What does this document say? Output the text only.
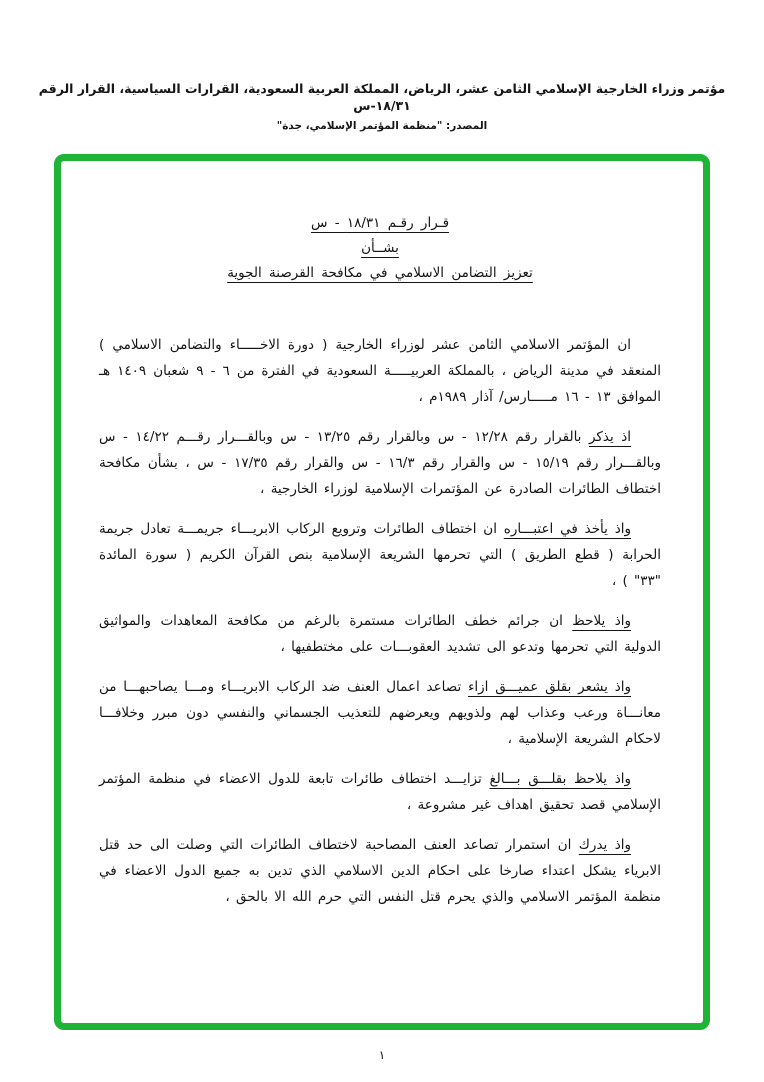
مؤتمر وزراء الخارجية الإسلامي الثامن عشر، الرياض، المملكة العربية السعودية، القرارات السياسية، القرار الرقم ١٨/٣١-س
المصدر: "منظمة المؤتمر الإسلامي، جدة"
قـرار رقـم ١٨/٣١ - س
بشــأن
تعزيز التضامن الاسلامي في مكافحة القرصنة الجوية

ان المؤتمر الاسلامي الثامن عشر لوزراء الخارجية ( دورة الاخـــــاء والتضامن الاسلامي ) المنعقد في مدينة الرياض ، بالمملكة العربيـــــة السعودية في الفترة من ٦ - ٩ شعبان ١٤٠٩ هـ الموافق ١٣ - ١٦ مـــــارس/ آذار ١٩٨٩م ،

اذ يذكر بالقرار رقم ١٢/٢٨ - س وبالقرار رقم ١٣/٢٥ - س وبالقـــرار رقـــم ١٤/٢٢ - س وبالقـــرار رقم ١٥/١٩ - س والقرار رقم ١٦/٣ - س والقرار رقم ١٧/٣٥ - س ، بشأن مكافحة اختطاف الطائرات الصادرة عن المؤتمرات الإسلامية لوزراء الخارجية ،

واذ يأخذ في اعتبـــاره ان اختطاف الطائرات وترويع الركاب الابريـــاء جريمـــة تعادل جريمة الحرابة ( قطع الطريق ) التي تحرمها الشريعة الإسلامية بنص القرآن الكريم ( سورة المائدة "٣٣" ) ،

واذ يلاحظ ان جرائم خطف الطائرات مستمرة بالرغم من مكافحة المعاهدات والمواثيق الدولية التي تحرمها وتدعو الى تشديد العقوبـــات على مختطفيها ،

واذ يشعر بقلق عميـــق ازاء تصاعد اعمال العنف ضد الركاب الابريـــاء ومـــا يصاحبهـــا من معانـــاة ورعب وعذاب لهم ولذويهم ويعرضهم للتعذيب الجسماني والنفسي دون مبرر وخلافـــا لاحكام الشريعة الإسلامية ،

واذ يلاحظ بقلـــق بـــالغ تزايـــد اختطاف طائرات تابعة للدول الاعضاء في منظمة المؤتمر الإسلامي قصد تحقيق اهداف غير مشروعة ،

واذ يدرك ان استمرار تصاعد العنف المصاحبة لاختطاف الطائرات التي وصلت الى حد قتل الابرياء يشكل اعتداء صارخا على احكام الدين الاسلامي الذي تدين به جميع الدول الاعضاء في منظمة المؤتمر الاسلامي والذي يحرم قتل النفس التي حرم الله الا بالحق ،

١
